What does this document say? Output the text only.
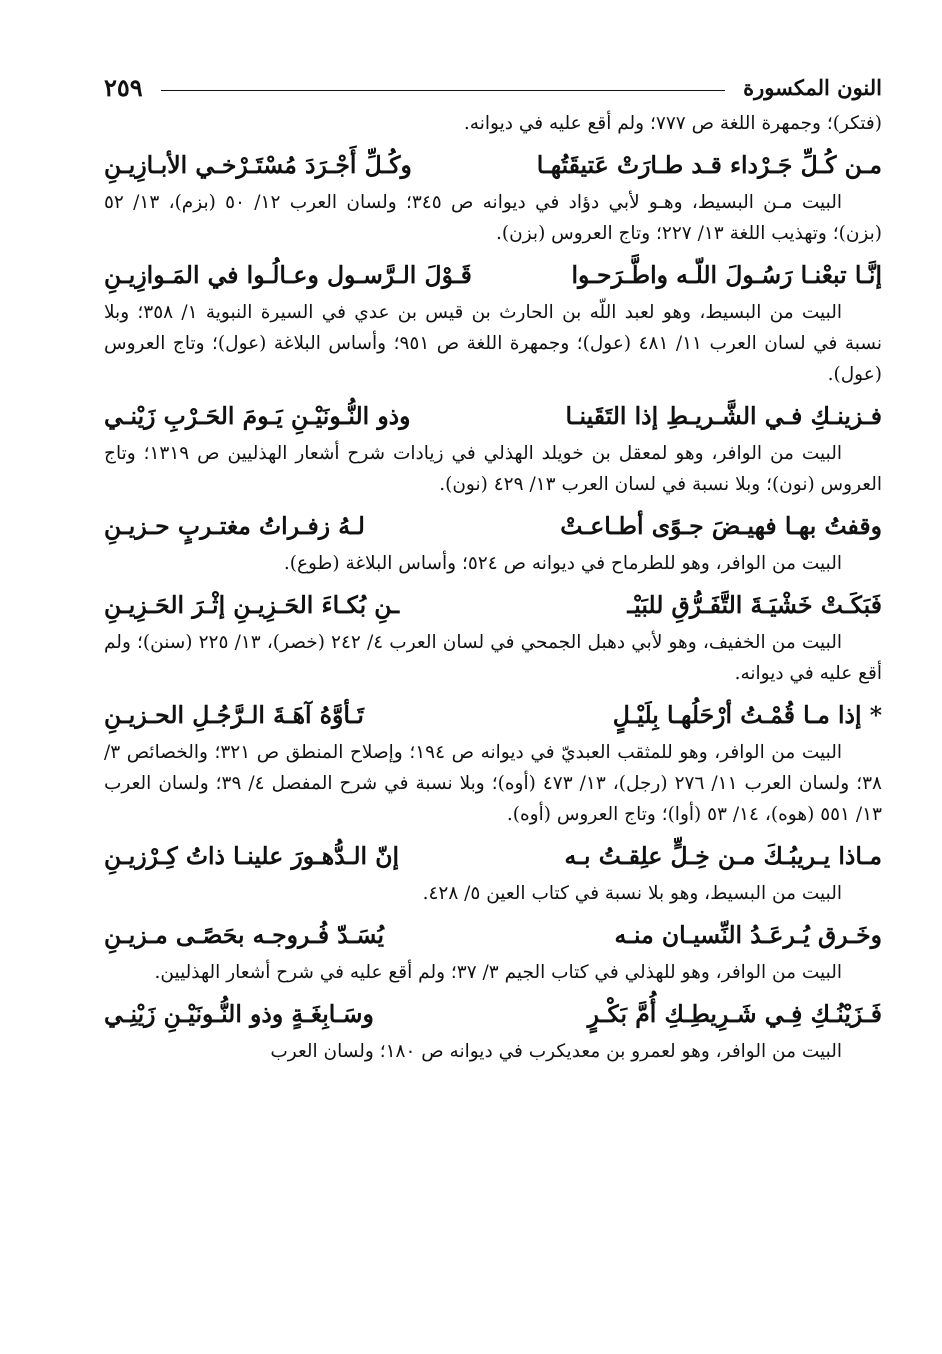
النون المكسورة
٢٥٩

(فتكر)؛ وجمهرة اللغة ص ٧٧٧؛ ولم أقع عليه في ديوانه.

مـن كُـلِّ جَـرْداء قـد طـارَتْ عَتيقَتُهـا
وكُـلِّ أَجْـرَدَ مُسْتَـرْخـي الأبـازِيـنِ

البيت مـن البسيط، وهـو لأبي دؤاد في ديوانه ص ٣٤٥؛ ولسان العرب ١٢/ ٥٠ (بزم)، ١٣/ ٥٢ (بزن)؛ وتهذيب اللغة ١٣/ ٢٢٧؛ وتاج العروس (بزن).

إنَّـا تبعْنـا رَسُـولَ اللّـه واطَّـرَحـوا
قَـوْلَ الـرَّسـول وعـالُـوا في المَـوازِيـنِ

البيت من البسيط، وهو لعبد اللّه بن الحارث بن قيس بن عدي في السيرة النبوية ١/ ٣٥٨؛ وبلا نسبة في لسان العرب ١١/ ٤٨١ (عول)؛ وجمهرة اللغة ص ٩٥١؛ وأساس البلاغة (عول)؛ وتاج العروس (عول).

فـزينـكِ فـي الشَّـريـطِ إذا التَقَينـا
وذو النُّـونَيْـنِ يَـومَ الحَـرْبِ زَيْنـي

البيت من الوافر، وهو لمعقل بن خويلد الهذلي في زيادات شرح أشعار الهذليين ص ١٣١٩؛ وتاج العروس (نون)؛ وبلا نسبة في لسان العرب ١٣/ ٤٢٩ (نون).

وقفتُ بهـا فهيـضَ جـوًى أطـاعـتْ
لـهُ زفـراتُ مغتـربٍ حـزيـنِ

البيت من الوافر، وهو للطرماح في ديوانه ص ٥٢٤؛ وأساس البلاغة (طوع).

فَبَكَـتْ خَشْيَـةَ التَّفَـرُّقِ للبَيْـ
ـنِ بُكـاءَ الحَـزِيـنِ إثْـرَ الحَـزِيـنِ

البيت من الخفيف، وهو لأبي دهبل الجمحي في لسان العرب ٤/ ٢٤٢ (خصر)، ١٣/ ٢٢٥ (سنن)؛ ولم أقع عليه في ديوانه.

* إذا مـا قُمْـتُ أرْحَلُهـا بِلَيْـلٍ
تَـأوَّهُ آهَـةَ الـرَّجُـلِ الحـزيـنِ

البيت من الوافر، وهو للمثقب العبديّ في ديوانه ص ١٩٤؛ وإصلاح المنطق ص ٣٢١؛ والخصائص ٣/ ٣٨؛ ولسان العرب ١١/ ٢٧٦ (رجل)، ١٣/ ٤٧٣ (أوه)؛ وبلا نسبة في شرح المفصل ٤/ ٣٩؛ ولسان العرب ١٣/ ٥٥١ (هوه)، ١٤/ ٥٣ (أوا)؛ وتاج العروس (أوه).

مـاذا يـريبُـكَ مـن خِـلٍّ علِقـتُ بـه
إنّ الـدُّهـورَ علينـا ذاتُ كِـرْزيـنِ

البيت من البسيط، وهو بلا نسبة في كتاب العين ٥/ ٤٢٨.

وخَـرق يُـرعَـدُ النِّسيـان منـه
يُسَـدّ فُـروجـه بحَصًـى مـزيـنِ

البيت من الوافر، وهو للهذلي في كتاب الجيم ٣/ ٣٧؛ ولم أقع عليه في شرح أشعار الهذليين.

فَـزَيْنُـكِ فِـي شَـرِيطِـكِ أُمَّ بَكْـرٍ
وسَـابِغَـةٍ وذو النُّـونَيْـنِ زَيْنِـي

البيت من الوافر، وهو لعمرو بن معديكرب في ديوانه ص ١٨٠؛ ولسان العرب
